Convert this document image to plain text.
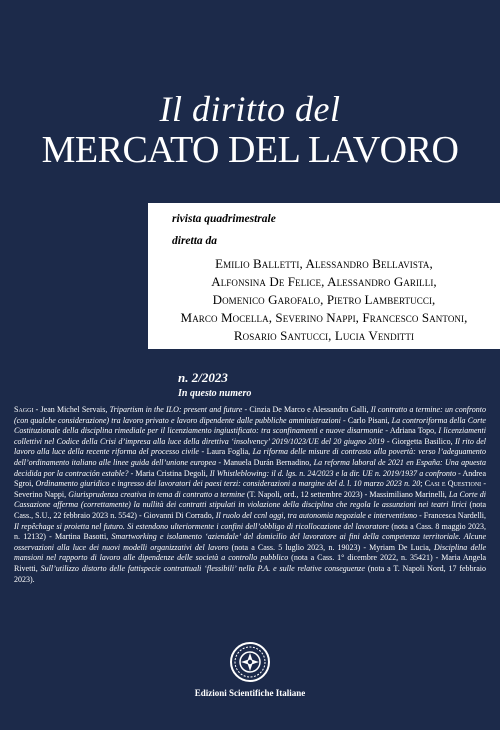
Il diritto del
MERCATO DEL LAVORO
rivista quadrimestrale
diretta da
Emilio Balletti, Alessandro Bellavista,
Alfonsina De Felice, Alessandro Garilli,
Domenico Garofalo, Pietro Lambertucci,
Marco Mocella, Severino Nappi, Francesco Santoni,
Rosario Santucci, Lucia Venditti
n. 2/2023
In questo numero

Saggi - Jean Michel Servais, Tripartism in the ILO: present and future - Cinzia De Marco e Alessandro Galli, Il contratto a termine: un confronto (con qualche considerazione) tra lavoro privato e lavoro dipendente dalle pubbliche amministrazioni - Carlo Pisani, La controriforma della Corte Costituzionale della disciplina rimediale per il licenziamento ingiustificato: tra sconfinamenti e nuove disarmonie - Adriana Topo, I licenziamenti collettivi nel Codice della Crisi d’impresa alla luce della direttiva ‘insolvency’ 2019/1023/UE del 20 giugno 2019 - Giorgetta Basilico, Il rito del lavoro alla luce della recente riforma del processo civile - Laura Foglia, La riforma delle misure di contrasto alla povertà: verso l’adeguamento dell’ordinamento italiano alle linee guida dell’unione europea - Manuela Durán Bernadino, La reforma laboral de 2021 en España: Una apuesta decidida por la contración estable? - Maria Cristina Degoli, Il Whistleblowing: il d. lgs. n. 24/2023 e la dir. UE n. 2019/1937 a confronto - Andrea Sgroi, Ordinamento giuridico e ingresso dei lavoratori dei paesi terzi: considerazioni a margine del d. l. 10 marzo 2023 n. 20; Casi e Questioni - Severino Nappi, Giurisprudenza creativa in tema di contratto a termine (T. Napoli, ord., 12 settembre 2023) - Massimiliano Marinelli, La Corte di Cassazione afferma (correttamente) la nullità dei contratti stipulati in violazione della disciplina che regola le assunzioni nei teatri lirici (nota Cass., S.U., 22 febbraio 2023 n. 5542) - Giovanni Di Corrado, Il ruolo del ccnl oggi, tra autonomia negoziale e interventismo - Francesca Nardelli, Il repêchage si proietta nel futuro. Si estendono ulteriormente i confini dell’obbligo di ricollocazione del lavoratore (nota a Cass. 8 maggio 2023, n. 12132) - Martina Basotti, Smartworking e isolamento ‘aziendale’ del domicilio del lavoratore ai fini della competenza territoriale. Alcune osservazioni alla luce dei nuovi modelli organizzativi del lavoro (nota a Cass. 5 luglio 2023, n. 19023) - Myriam De Lucia, Disciplina delle mansioni nel rapporto di lavoro alle dipendenze delle società a controllo pubblico (nota a Cass. 1° dicembre 2022, n. 35421) - Maria Angela Rivetti, Sull’utilizzo distorto delle fattispecie contrattuali ‘flessibili’ nella P.A. e sulle relative conseguenze (nota a T. Napoli Nord, 17 febbraio 2023).

Edizioni Scientifiche Italiane
